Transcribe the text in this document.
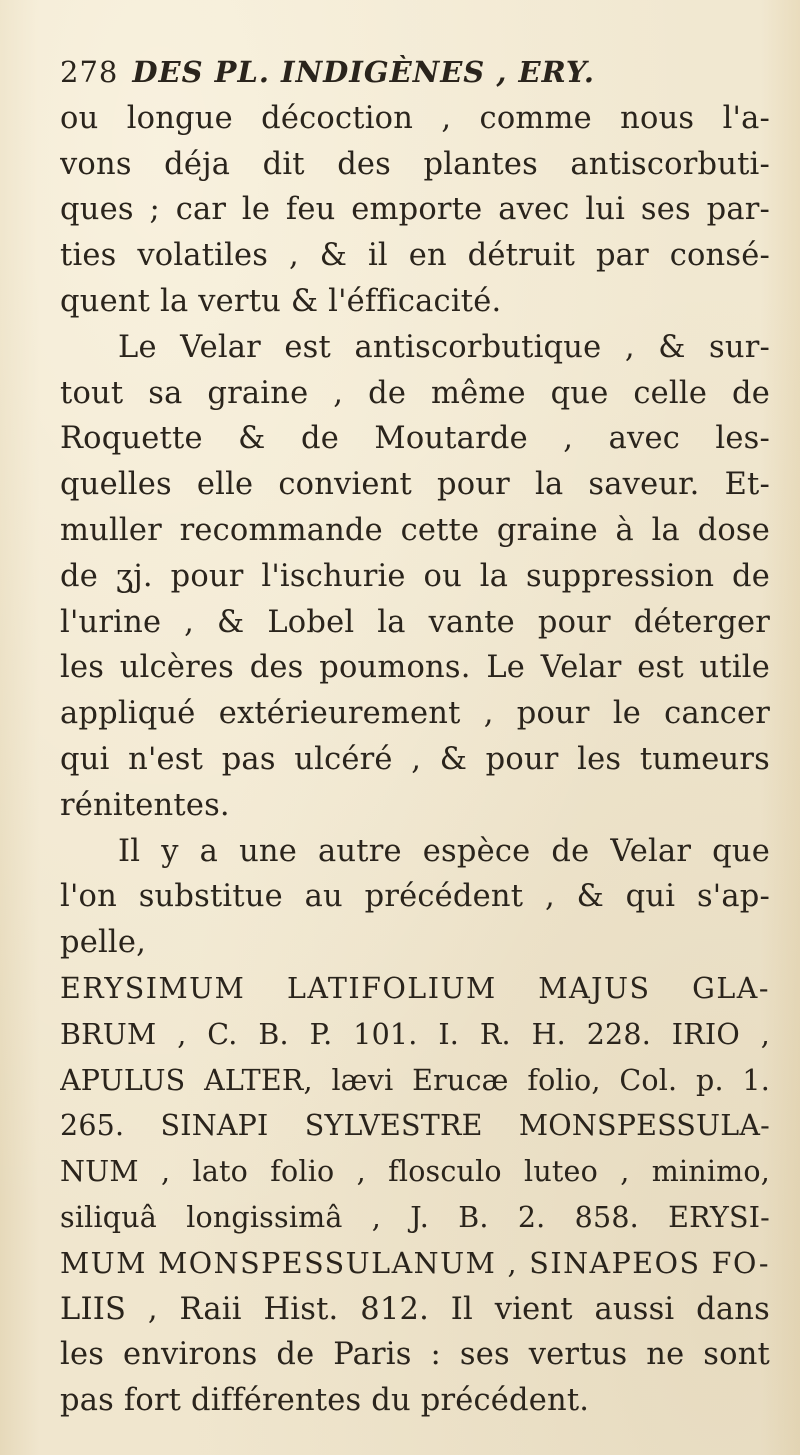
278 DES PL. INDIGÈNES , ERY.
ou longue décoction , comme nous l'a-
vons déja dit des plantes antiscorbuti-
ques ; car le feu emporte avec lui ses par-
ties volatiles , & il en détruit par consé-
quent la vertu & l'éfficacité.
Le Velar est antiscorbutique , & sur-
tout sa graine , de même que celle de
Roquette & de Moutarde , avec les-
quelles elle convient pour la saveur. Et-
muller recommande cette graine à la dose
de ʒj. pour l'ischurie ou la suppression de
l'urine , & Lobel la vante pour déterger
les ulcères des poumons. Le Velar est utile
appliqué extérieurement , pour le cancer
qui n'est pas ulcéré , & pour les tumeurs
rénitentes.
Il y a une autre espèce de Velar que
l'on substitue au précédent , & qui s'ap-
pelle,
ERYSIMUM LATIFOLIUM MAJUS GLA-
BRUM , C. B. P. 101. I. R. H. 228. IRIO ,
APULUS ALTER, lævi Erucæ folio, Col. p. 1.
265. SINAPI SYLVESTRE MONSPESSULA-
NUM , lato folio , flosculo luteo , minimo,
siliquâ longissimâ , J. B. 2. 858. ERYSI-
MUM MONSPESSULANUM , SINAPEOS FO-
LIIS , Raii Hist. 812. Il vient aussi dans
les environs de Paris : ses vertus ne sont
pas fort différentes du précédent.
